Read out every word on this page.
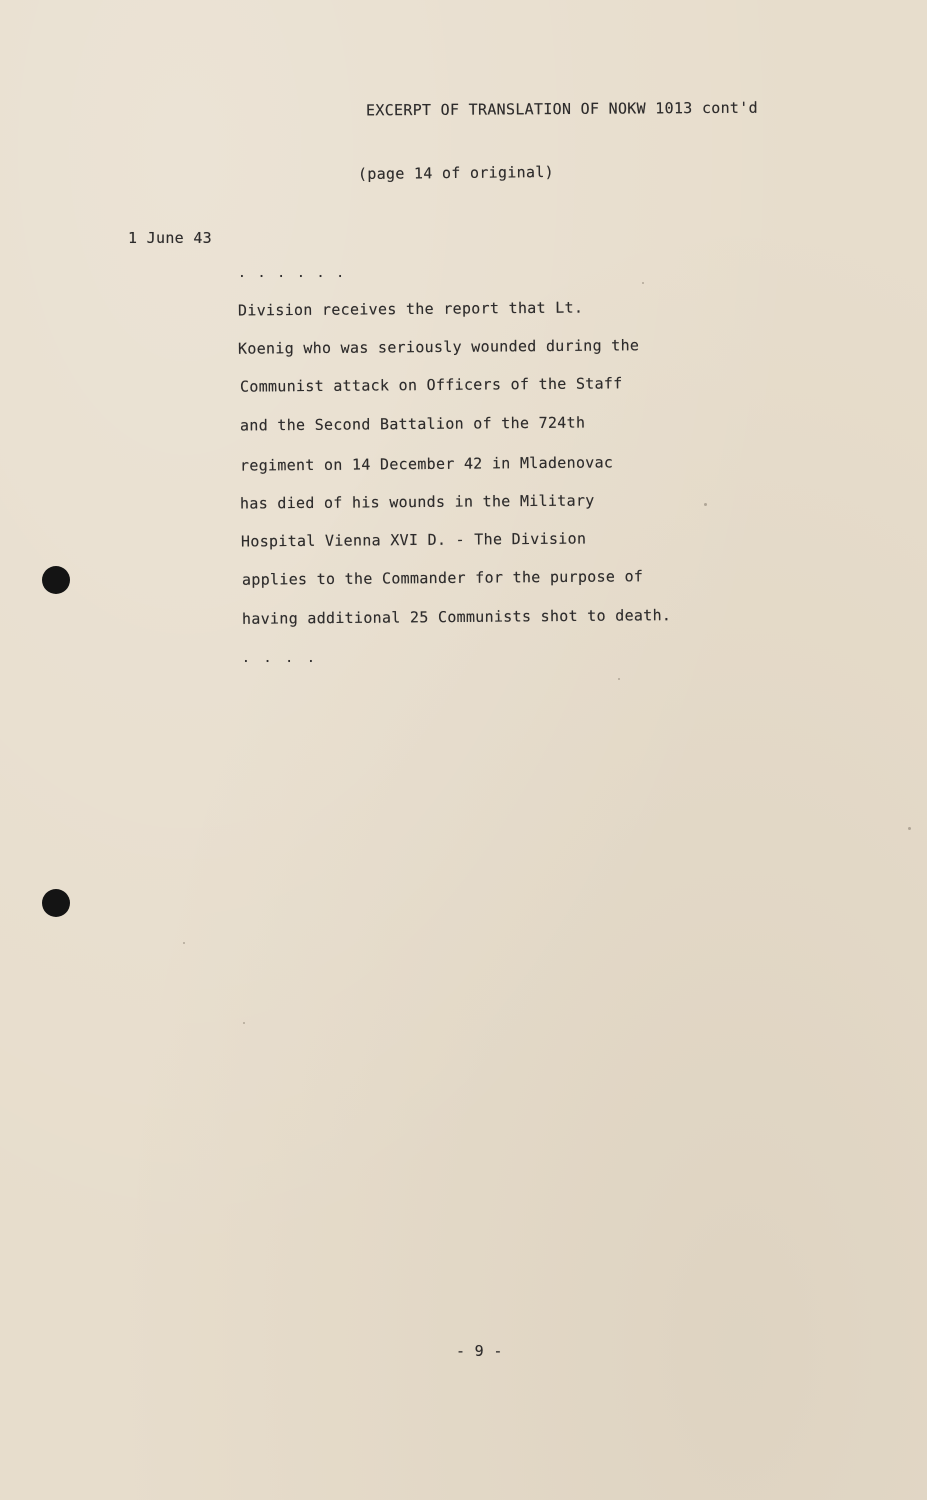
EXCERPT OF TRANSLATION OF NOKW 1013 cont'd
(page 14 of original)
1 June 43
. . . . . .
Division receives the report that Lt.
Koenig who was seriously wounded during the
Communist attack on Officers of the Staff
and the Second Battalion of the 724th
regiment on 14 December 42 in Mladenovac
has died of his wounds in the Military
Hospital Vienna XVI D. - The Division
applies to the Commander for the purpose of
having additional 25 Communists shot to death.
. . . .
- 9 -
